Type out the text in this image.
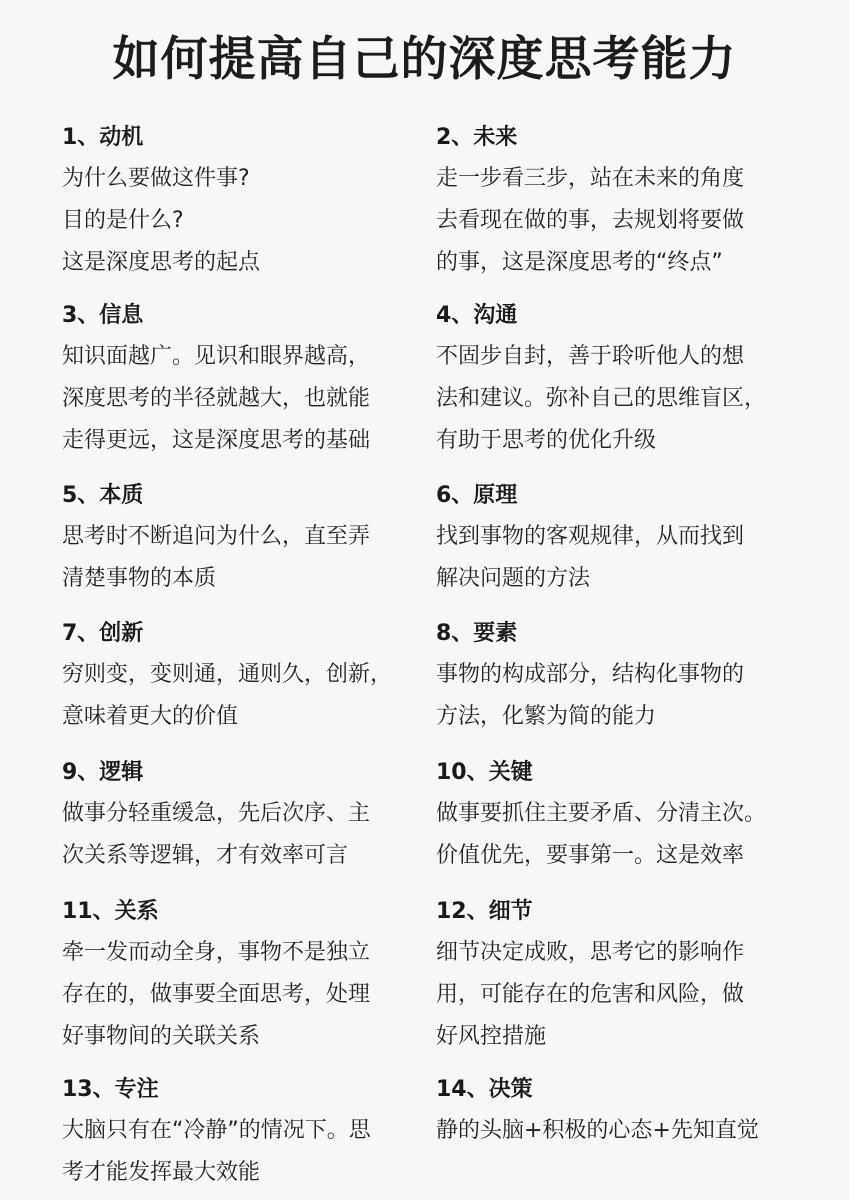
如何提高自己的深度思考能力
1、动机
为什么要做这件事?
目的是什么?
这是深度思考的起点
2、未来
走一步看三步，站在未来的角度
去看现在做的事，去规划将要做
的事，这是深度思考的“终点”
3、信息
知识面越广。见识和眼界越高，
深度思考的半径就越大，也就能
走得更远，这是深度思考的基础
4、沟通
不固步自封，善于聆听他人的想
法和建议。弥补自己的思维盲区，
有助于思考的优化升级
5、本质
思考时不断追问为什么，直至弄
清楚事物的本质
6、原理
找到事物的客观规律，从而找到
解决问题的方法
7、创新
穷则变，变则通，通则久，创新，
意味着更大的价值
8、要素
事物的构成部分，结构化事物的
方法，化繁为简的能力
9、逻辑
做事分轻重缓急，先后次序、主
次关系等逻辑，才有效率可言
10、关键
做事要抓住主要矛盾、分清主次。
价值优先，要事第一。这是效率
11、关系
牵一发而动全身，事物不是独立
存在的，做事要全面思考，处理
好事物间的关联关系
12、细节
细节决定成败，思考它的影响作
用，可能存在的危害和风险，做
好风控措施
13、专注
大脑只有在“冷静”的情况下。思
考才能发挥最大效能
14、决策
静的头脑+积极的心态+先知直觉
